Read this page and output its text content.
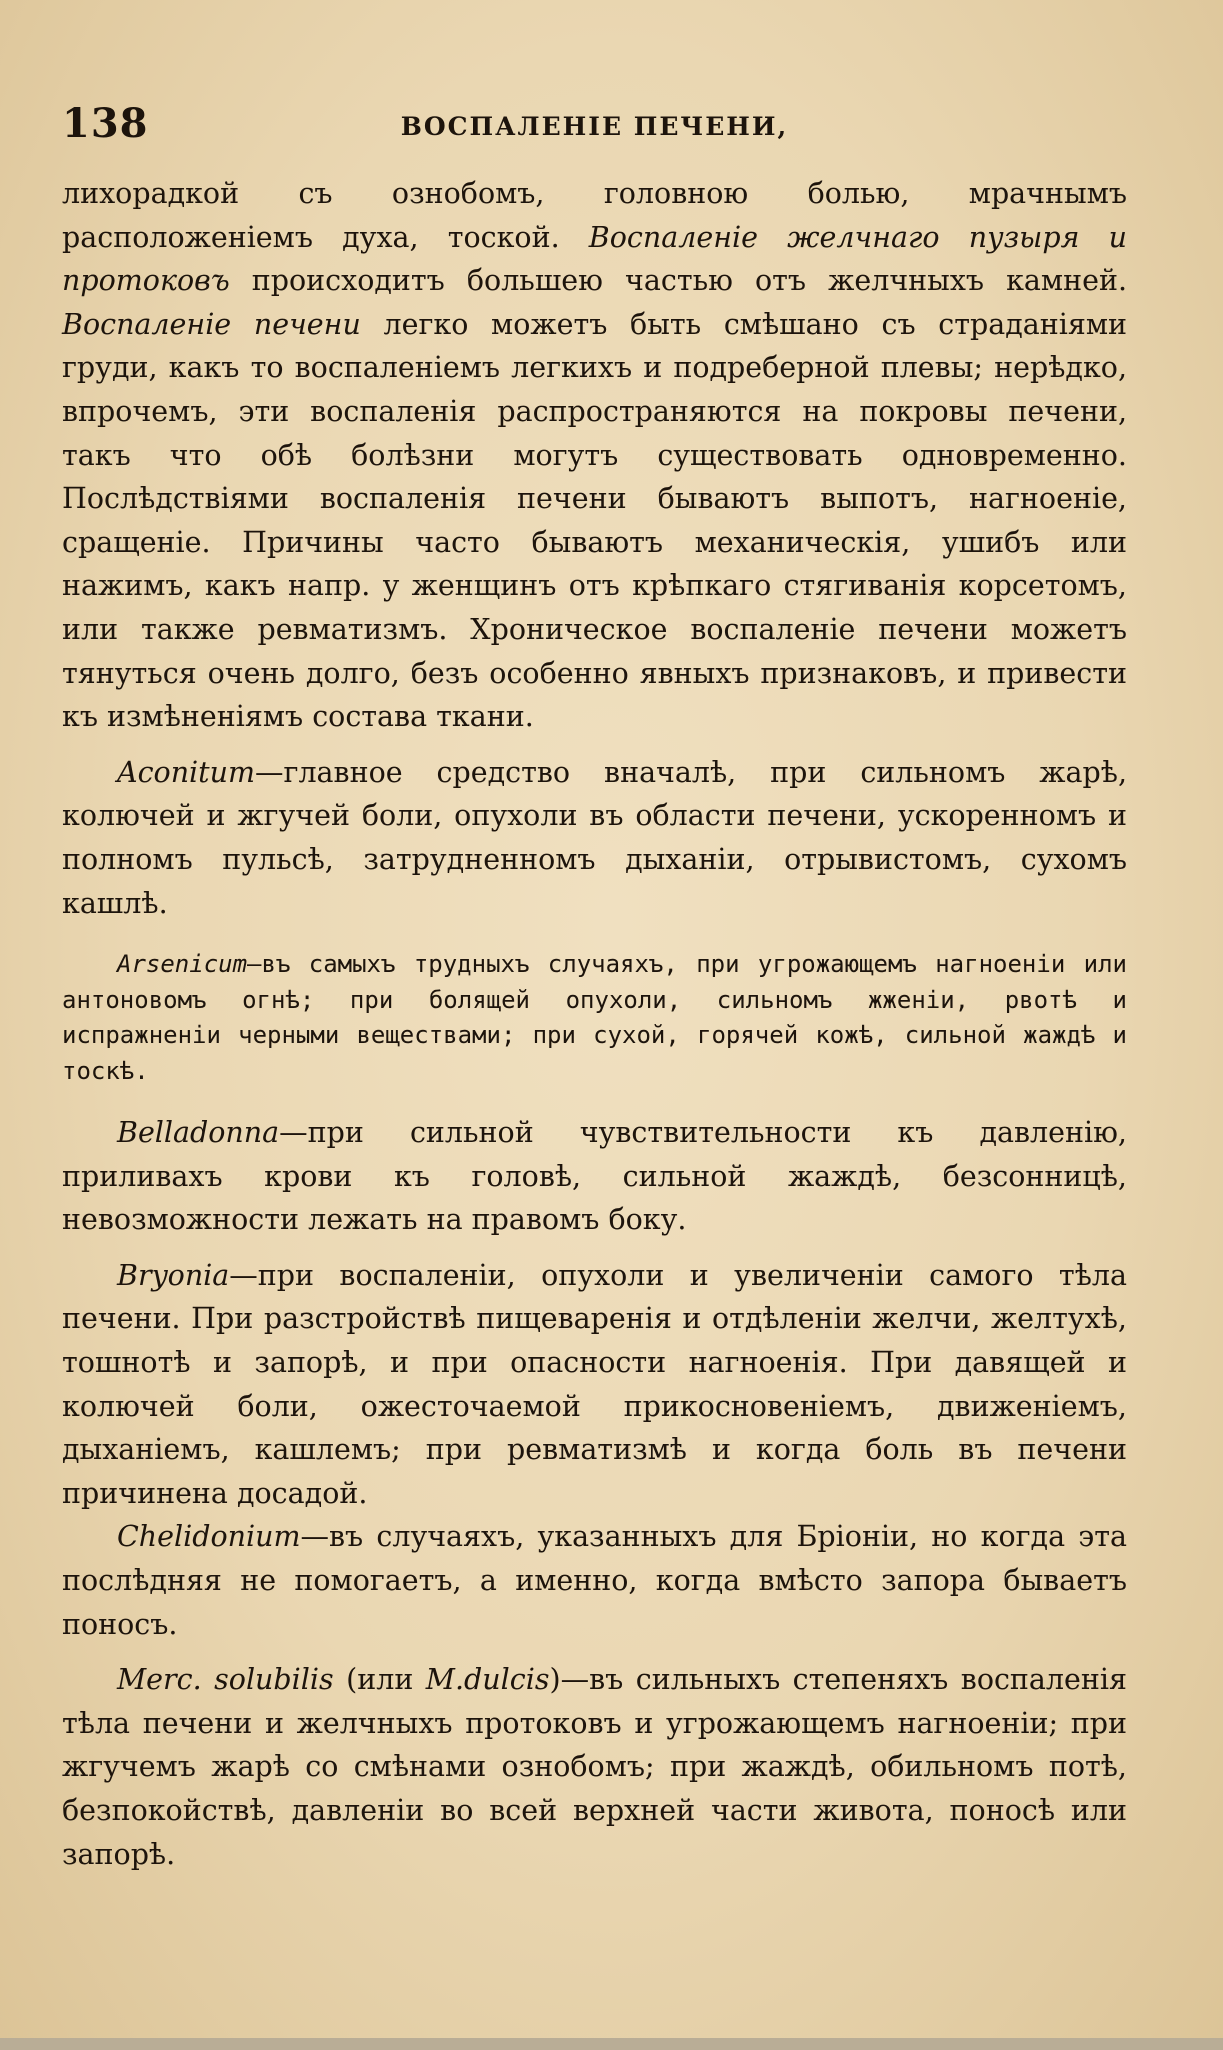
138	ВОСПАЛЕНІЕ ПЕЧЕНИ,

лихорадкой съ ознобомъ, головною болью, мрачнымъ расположеніемъ духа, тоской. Воспаленіе желчнаго пузыря и протоковъ происходитъ большею частью отъ желчныхъ камней. Воспаленіе печени легко можетъ быть смѣшано съ страданіями груди, какъ то воспаленіемъ легкихъ и подреберной плевы; нерѣдко, впрочемъ, эти воспаленія распространяются на покровы печени, такъ что обѣ болѣзни могутъ существовать одновременно. Послѣдствіями воспаленія печени бываютъ выпотъ, нагноеніе, сращеніе. Причины часто бываютъ механическія, ушибъ или нажимъ, какъ напр. у женщинъ отъ крѣпкаго стягиванія корсетомъ, или также ревматизмъ. Хроническое воспаленіе печени можетъ тянуться очень долго, безъ особенно явныхъ признаковъ, и привести къ измѣненіямъ состава ткани.

Aconitum—главное средство вначалѣ, при сильномъ жарѣ, колючей и жгучей боли, опухоли въ области печени, ускоренномъ и полномъ пульсѣ, затрудненномъ дыханіи, отрывистомъ, сухомъ кашлѣ.

Arsenicum—въ самыхъ трудныхъ случаяхъ, при угрожающемъ нагноеніи или антоновомъ огнѣ; при болящей опухоли, сильномъ жженіи, рвотѣ и испражненіи черными веществами; при сухой, горячей кожѣ, сильной жаждѣ и тоскѣ.

Belladonna—при сильной чувствительности къ давленію, приливахъ крови къ головѣ, сильной жаждѣ, безсонницѣ, невозможности лежать на правомъ боку.

Bryonia—при воспаленіи, опухоли и увеличеніи самого тѣла печени. При разстройствѣ пищеваренія и отдѣленіи желчи, желтухѣ, тошнотѣ и запорѣ, и при опасности нагноенія. При давящей и колючей боли, ожесточаемой прикосновеніемъ, движеніемъ, дыханіемъ, кашлемъ; при ревматизмѣ и когда боль въ печени причинена досадой.

Chelidonium—въ случаяхъ, указанныхъ для Бріоніи, но когда эта послѣдняя не помогаетъ, а именно, когда вмѣсто запора бываетъ поносъ.

Merc. solubilis (или M.dulcis)—въ сильныхъ степеняхъ воспаленія тѣла печени и желчныхъ протоковъ и угрожающемъ нагноеніи; при жгучемъ жарѣ со смѣнами ознобомъ; при жаждѣ, обильномъ потѣ, безпокойствѣ, давленіи во всей верхней части живота, поносѣ или запорѣ.
